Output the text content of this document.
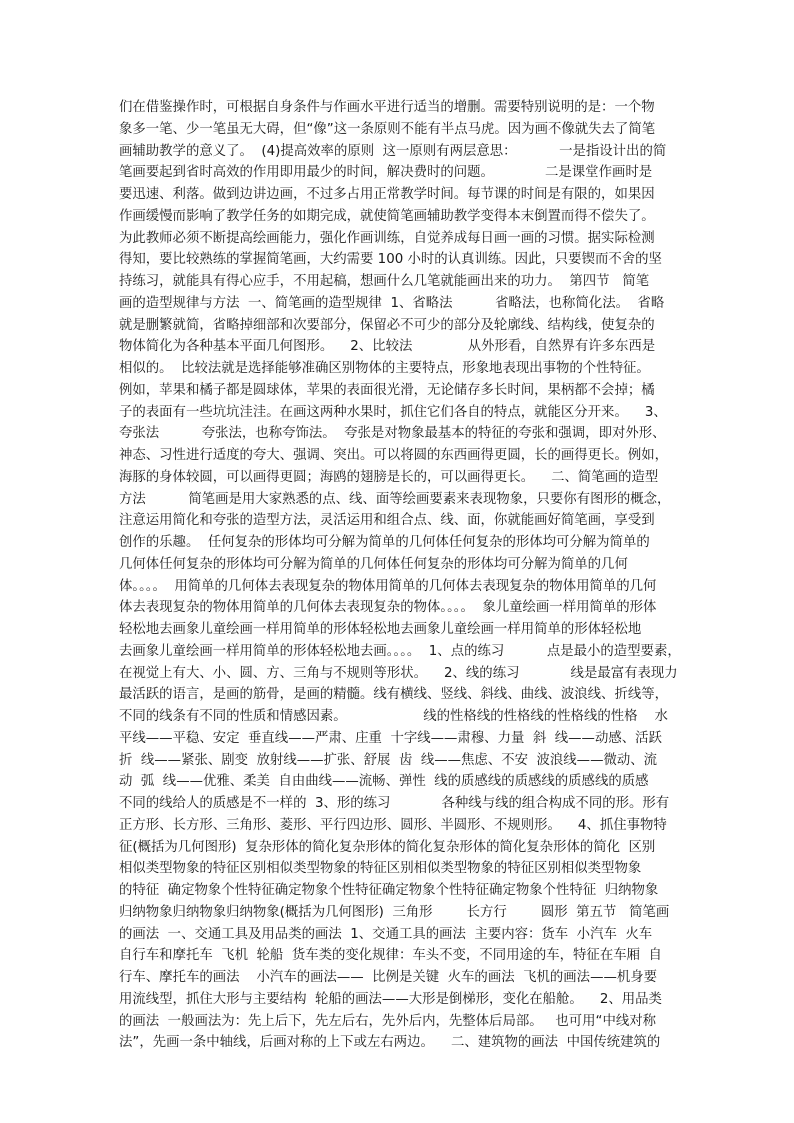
们在借鉴操作时，可根据自身条件与作画水平进行适当的增删。需要特别说明的是：一个物
象多一笔、少一笔虽无大碍，但“像”这一条原则不能有半点马虎。因为画不像就失去了简笔
画辅助教学的意义了。  (4)提高效率的原则  这一原则有两层意思：          一是指设计出的简
笔画要起到省时高效的作用即用最少的时间，解决费时的问题。            二是课堂作画时是
要迅速、利落。做到边讲边画，不过多占用正常教学时间。每节课的时间是有限的，如果因
作画缓慢而影响了教学任务的如期完成，就使简笔画辅助教学变得本末倒置而得不偿失了。
为此教师必须不断提高绘画能力，强化作画训练，自觉养成每日画一画的习惯。据实际检测
得知，要比较熟练的掌握简笔画，大约需要 100 小时的认真训练。因此，只要锲而不舍的坚
持练习，就能具有得心应手，不用起稿，想画什么几笔就能画出来的功力。  第四节   简笔
画的造型规律与方法  一、简笔画的造型规律  1、省略法          省略法，也称简化法。  省略
就是删繁就简，省略掉细部和次要部分，保留必不可少的部分及轮廓线、结构线，使复杂的
物体简化为各种基本平面几何图形。    2、比较法             从外形看，自然界有许多东西是
相似的。  比较法就是选择能够准确区别物体的主要特点，形象地表现出事物的个性特征。
例如，苹果和橘子都是圆球体，苹果的表面很光滑，无论储存多长时间，果柄都不会掉；橘
子的表面有一些坑坑洼洼。在画这两种水果时，抓住它们各自的特点，就能区分开来。    3、
夸张法          夸张法，也称夸饰法。  夸张是对物象最基本的特征的夸张和强调，即对外形、
神态、习性进行适度的夸大、强调、突出。可以将圆的东西画得更圆，长的画得更长。例如，
海豚的身体较圆，可以画得更圆；海鸥的翅膀是长的，可以画得更长。    二、简笔画的造型
方法          简笔画是用大家熟悉的点、线、面等绘画要素来表现物象，只要你有图形的概念，
注意运用简化和夸张的造型方法，灵活运用和组合点、线、面，你就能画好简笔画，享受到
创作的乐趣。  任何复杂的形体均可分解为简单的几何体任何复杂的形体均可分解为简单的
几何体任何复杂的形体均可分解为简单的几何体任何复杂的形体均可分解为简单的几何
体。。。。  用简单的几何体去表现复杂的物体用简单的几何体去表现复杂的物体用简单的几何
体去表现复杂的物体用简单的几何体去表现复杂的物体。。。。  象儿童绘画一样用简单的形体
轻松地去画象儿童绘画一样用简单的形体轻松地去画象儿童绘画一样用简单的形体轻松地
去画象儿童绘画一样用简单的形体轻松地去画。。。。  1、点的练习          点是最小的造型要素，
在视觉上有大、小、圆、方、三角与不规则等形状。    2、线的练习            线是最富有表现力
最活跃的语言，是画的筋骨，是画的精髓。线有横线、竖线、斜线、曲线、波浪线、折线等，
不同的线条有不同的性质和情感因素。                  线的性格线的性格线的性格线的性格    水
平线——平稳、安定  垂直线——严肃、庄重  十字线——肃穆、力量  斜  线——动感、活跃
折  线——紧张、剧变  放射线——扩张、舒展  齿  线——焦虑、不安  波浪线——微动、流
动  弧  线——优雅、柔美  自由曲线——流畅、弹性  线的质感线的质感线的质感线的质感
不同的线给人的质感是不一样的  3、形的练习            各种线与线的组合构成不同的形。形有
正方形、长方形、三角形、菱形、平行四边形、圆形、半圆形、不规则形。    4、抓住事物特
征(概括为几何图形)  复杂形体的简化复杂形体的简化复杂形体的简化复杂形体的简化  区别
相似类型物象的特征区别相似类型物象的特征区别相似类型物象的特征区别相似类型物象
的特征  确定物象个性特征确定物象个性特征确定物象个性特征确定物象个性特征  归纳物象
归纳物象归纳物象归纳物象(概括为几何图形)  三角形        长方行        圆形  第五节   简笔画
的画法  一、交通工具及用品类的画法  1、交通工具的画法  主要内容：货车  小汽车  火车
自行车和摩托车  飞机  轮船  货车类的变化规律：车头不变，不同用途的车，特征在车厢  自
行车、摩托车的画法    小汽车的画法——  比例是关键  火车的画法  飞机的画法——机身要
用流线型，抓住大形与主要结构  轮船的画法——大形是倒梯形，变化在船舱。    2、用品类
的画法  一般画法为：先上后下，先左后右，先外后内，先整体后局部。   也可用“中线对称
法”，先画一条中轴线，后画对称的上下或左右两边。    二、建筑物的画法  中国传统建筑的
